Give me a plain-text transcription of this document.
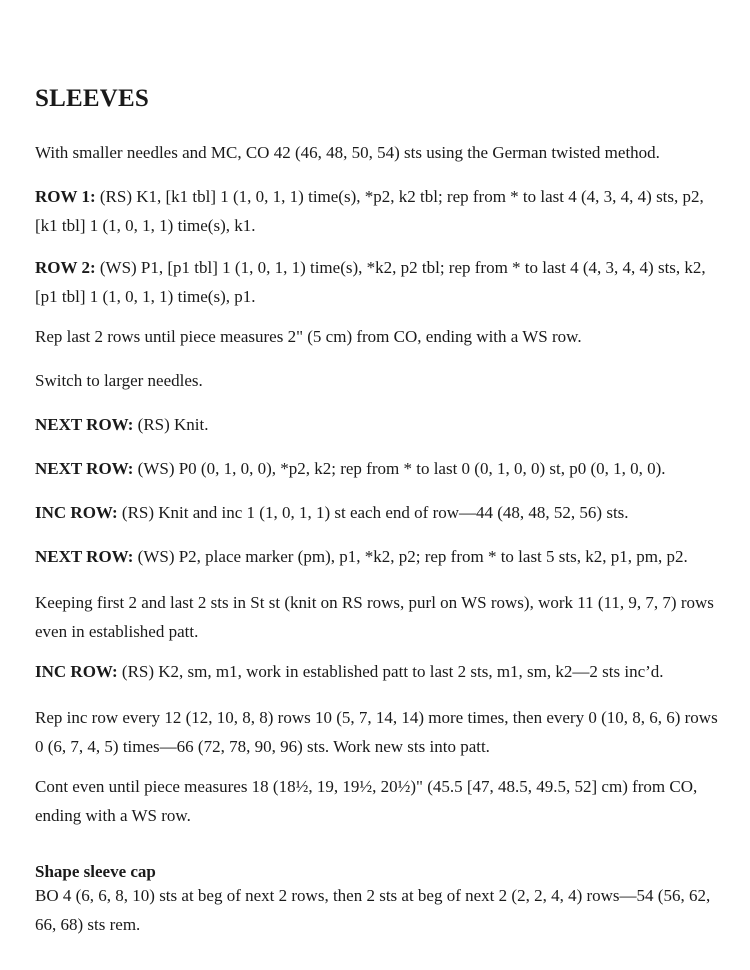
SLEEVES

With smaller needles and MC, CO 42 (46, 48, 50, 54) sts using the German twisted method.

ROW 1: (RS) K1, [k1 tbl] 1 (1, 0, 1, 1) time(s), *p2, k2 tbl; rep from * to last 4 (4, 3, 4, 4) sts, p2, [k1 tbl] 1 (1, 0, 1, 1) time(s), k1.

ROW 2: (WS) P1, [p1 tbl] 1 (1, 0, 1, 1) time(s), *k2, p2 tbl; rep from * to last 4 (4, 3, 4, 4) sts, k2, [p1 tbl] 1 (1, 0, 1, 1) time(s), p1.

Rep last 2 rows until piece measures 2" (5 cm) from CO, ending with a WS row.

Switch to larger needles.

NEXT ROW: (RS) Knit.

NEXT ROW: (WS) P0 (0, 1, 0, 0), *p2, k2; rep from * to last 0 (0, 1, 0, 0) st, p0 (0, 1, 0, 0).

INC ROW: (RS) Knit and inc 1 (1, 0, 1, 1) st each end of row—44 (48, 48, 52, 56) sts.

NEXT ROW: (WS) P2, place marker (pm), p1, *k2, p2; rep from * to last 5 sts, k2, p1, pm, p2.

Keeping first 2 and last 2 sts in St st (knit on RS rows, purl on WS rows), work 11 (11, 9, 7, 7) rows even in established patt.

INC ROW: (RS) K2, sm, m1, work in established patt to last 2 sts, m1, sm, k2—2 sts inc’d.

Rep inc row every 12 (12, 10, 8, 8) rows 10 (5, 7, 14, 14) more times, then every 0 (10, 8, 6, 6) rows 0 (6, 7, 4, 5) times—66 (72, 78, 90, 96) sts. Work new sts into patt.

Cont even until piece measures 18 (18½, 19, 19½, 20½)" (45.5 [47, 48.5, 49.5, 52] cm) from CO, ending with a WS row.

Shape sleeve cap

BO 4 (6, 6, 8, 10) sts at beg of next 2 rows, then 2 sts at beg of next 2 (2, 2, 4, 4) rows—54 (56, 62, 66, 68) sts rem.
